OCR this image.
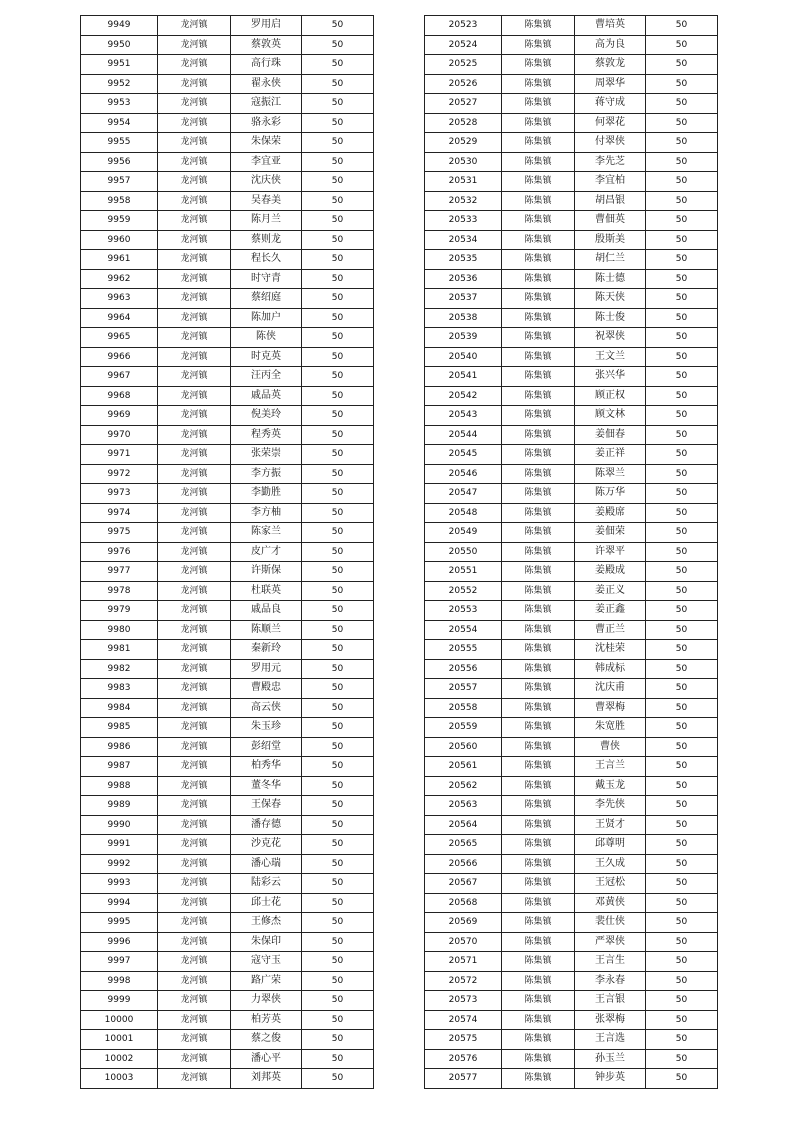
9949	龙河镇	罗用启	50
9950	龙河镇	蔡敦英	50
9951	龙河镇	高行珠	50
9952	龙河镇	翟永侠	50
9953	龙河镇	寇振江	50
9954	龙河镇	骆永彩	50
9955	龙河镇	朱保荣	50
9956	龙河镇	李宜亚	50
9957	龙河镇	沈庆侠	50
9958	龙河镇	吴春美	50
9959	龙河镇	陈月兰	50
9960	龙河镇	蔡则龙	50
9961	龙河镇	程长久	50
9962	龙河镇	时守青	50
9963	龙河镇	蔡绍庭	50
9964	龙河镇	陈加户	50
9965	龙河镇	陈侠	50
9966	龙河镇	时克英	50
9967	龙河镇	汪丙全	50
9968	龙河镇	戚品英	50
9969	龙河镇	倪美玲	50
9970	龙河镇	程秀英	50
9971	龙河镇	张荣崇	50
9972	龙河镇	李方振	50
9973	龙河镇	李勤胜	50
9974	龙河镇	李方柚	50
9975	龙河镇	陈家兰	50
9976	龙河镇	皮广才	50
9977	龙河镇	许斯保	50
9978	龙河镇	杜联英	50
9979	龙河镇	戚品良	50
9980	龙河镇	陈顺兰	50
9981	龙河镇	秦新玲	50
9982	龙河镇	罗用元	50
9983	龙河镇	曹殿忠	50
9984	龙河镇	高云侠	50
9985	龙河镇	朱玉珍	50
9986	龙河镇	彭绍堂	50
9987	龙河镇	柏秀华	50
9988	龙河镇	董冬华	50
9989	龙河镇	王保春	50
9990	龙河镇	潘存德	50
9991	龙河镇	沙克花	50
9992	龙河镇	潘心瑞	50
9993	龙河镇	陆彩云	50
9994	龙河镇	邱士花	50
9995	龙河镇	王修杰	50
9996	龙河镇	朱保印	50
9997	龙河镇	寇守玉	50
9998	龙河镇	路广荣	50
9999	龙河镇	力翠侠	50
10000	龙河镇	柏芳英	50
10001	龙河镇	蔡之俊	50
10002	龙河镇	潘心平	50
10003	龙河镇	刘邦英	50
20523	陈集镇	曹培英	50
20524	陈集镇	高为良	50
20525	陈集镇	蔡敦龙	50
20526	陈集镇	周翠华	50
20527	陈集镇	蒋守成	50
20528	陈集镇	何翠花	50
20529	陈集镇	付翠侠	50
20530	陈集镇	李先芝	50
20531	陈集镇	李宜柏	50
20532	陈集镇	胡昌银	50
20533	陈集镇	曹佃英	50
20534	陈集镇	殷斯美	50
20535	陈集镇	胡仁兰	50
20536	陈集镇	陈士德	50
20537	陈集镇	陈天侠	50
20538	陈集镇	陈士俊	50
20539	陈集镇	祝翠侠	50
20540	陈集镇	王文兰	50
20541	陈集镇	张兴华	50
20542	陈集镇	顾正权	50
20543	陈集镇	顾文林	50
20544	陈集镇	姜佃春	50
20545	陈集镇	姜正祥	50
20546	陈集镇	陈翠兰	50
20547	陈集镇	陈万华	50
20548	陈集镇	姜殿席	50
20549	陈集镇	姜佃荣	50
20550	陈集镇	许翠平	50
20551	陈集镇	姜殿成	50
20552	陈集镇	姜正义	50
20553	陈集镇	姜正鑫	50
20554	陈集镇	曹正兰	50
20555	陈集镇	沈桂荣	50
20556	陈集镇	韩成标	50
20557	陈集镇	沈庆甫	50
20558	陈集镇	曹翠梅	50
20559	陈集镇	朱宽胜	50
20560	陈集镇	曹侠	50
20561	陈集镇	王言兰	50
20562	陈集镇	戴玉龙	50
20563	陈集镇	李先侠	50
20564	陈集镇	王贤才	50
20565	陈集镇	邱尊明	50
20566	陈集镇	王久成	50
20567	陈集镇	王冠松	50
20568	陈集镇	邓黄侠	50
20569	陈集镇	裴仕侠	50
20570	陈集镇	严翠侠	50
20571	陈集镇	王言生	50
20572	陈集镇	李永春	50
20573	陈集镇	王言银	50
20574	陈集镇	张翠梅	50
20575	陈集镇	王言选	50
20576	陈集镇	孙玉兰	50
20577	陈集镇	钟步英	50
